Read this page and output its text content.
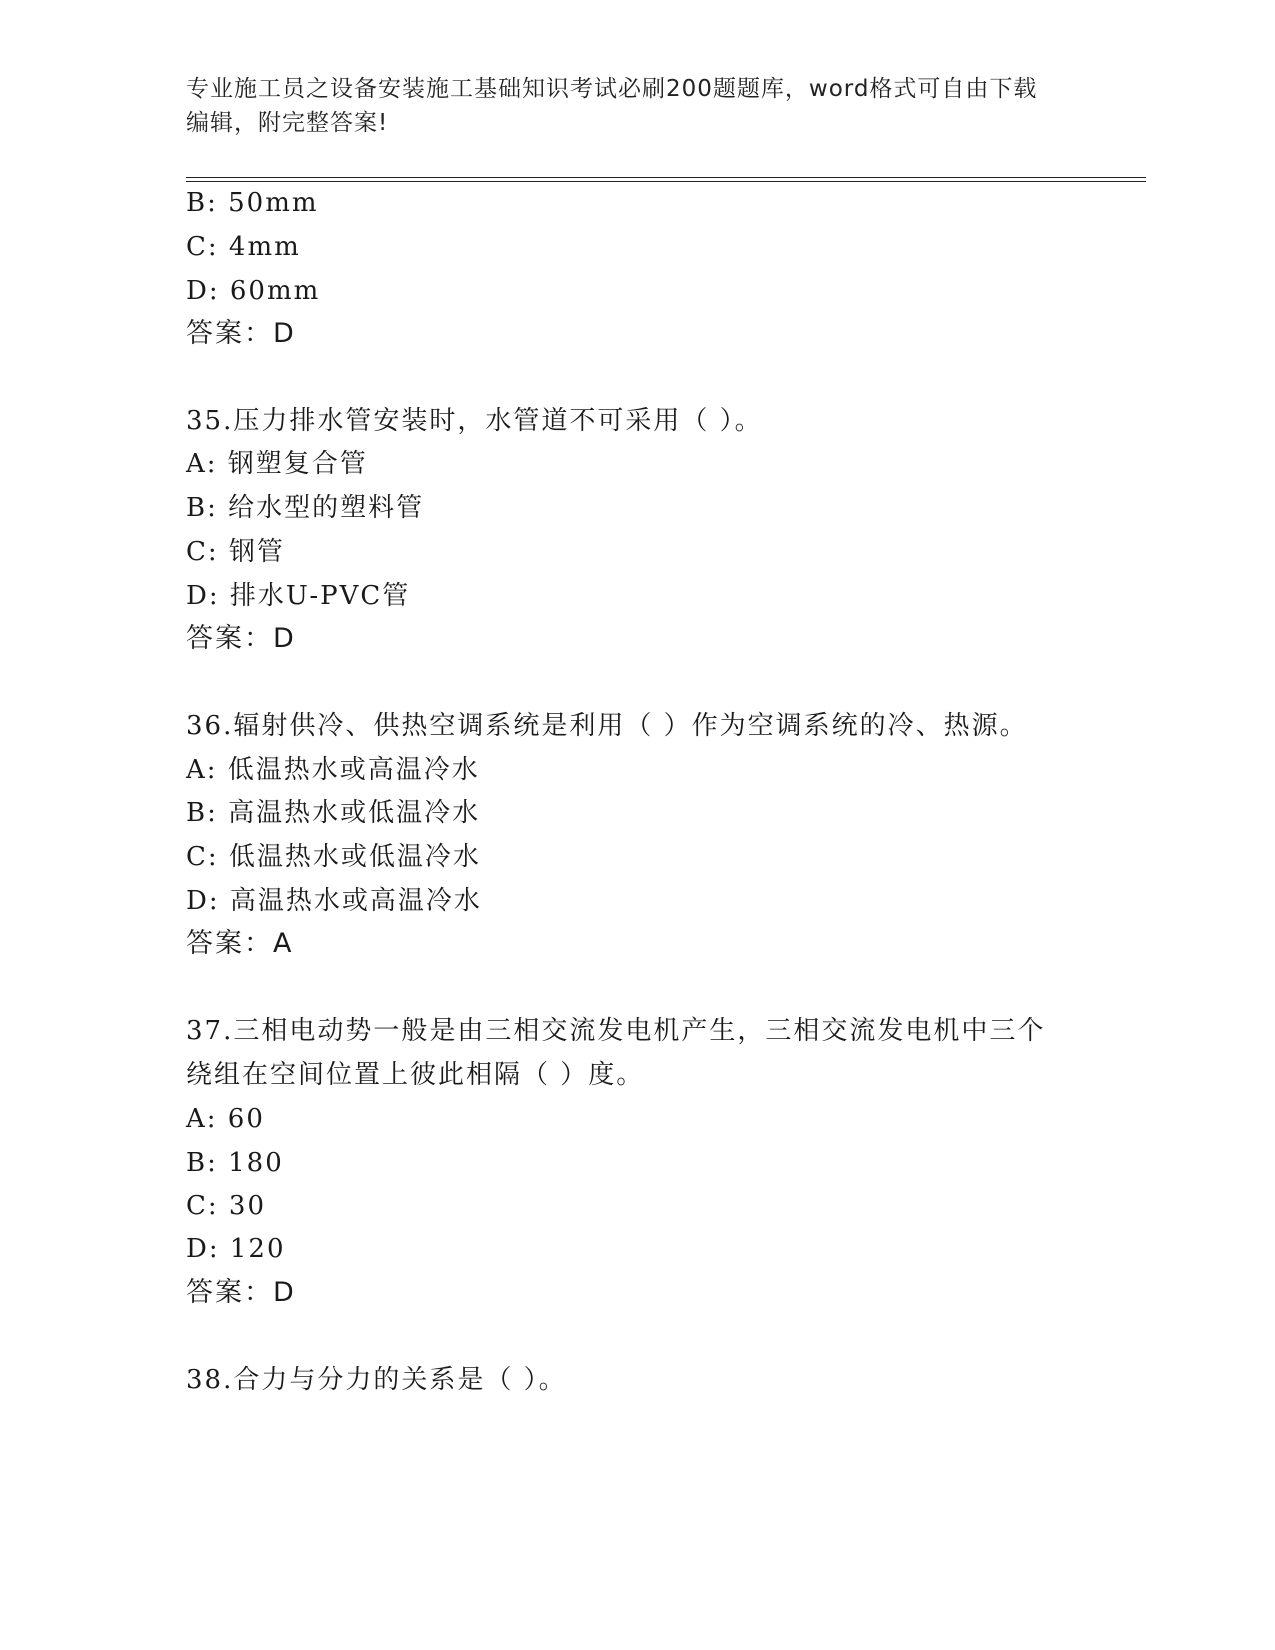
专业施工员之设备安装施工基础知识考试必刷200题题库，word格式可自由下载
编辑，附完整答案!
B: 50mm
C: 4mm
D: 60mm
答案：D
35.压力排水管安装时，水管道不可采用（ ）。
A: 钢塑复合管
B: 给水型的塑料管
C: 钢管
D: 排水U-PVC管
答案：D
36.辐射供冷、供热空调系统是利用（ ）作为空调系统的冷、热源。
A: 低温热水或高温冷水
B: 高温热水或低温冷水
C: 低温热水或低温冷水
D: 高温热水或高温冷水
答案：A
37.三相电动势一般是由三相交流发电机产生，三相交流发电机中三个
绕组在空间位置上彼此相隔（ ）度。
A: 60
B: 180
C: 30
D: 120
答案：D
38.合力与分力的关系是（ ）。
